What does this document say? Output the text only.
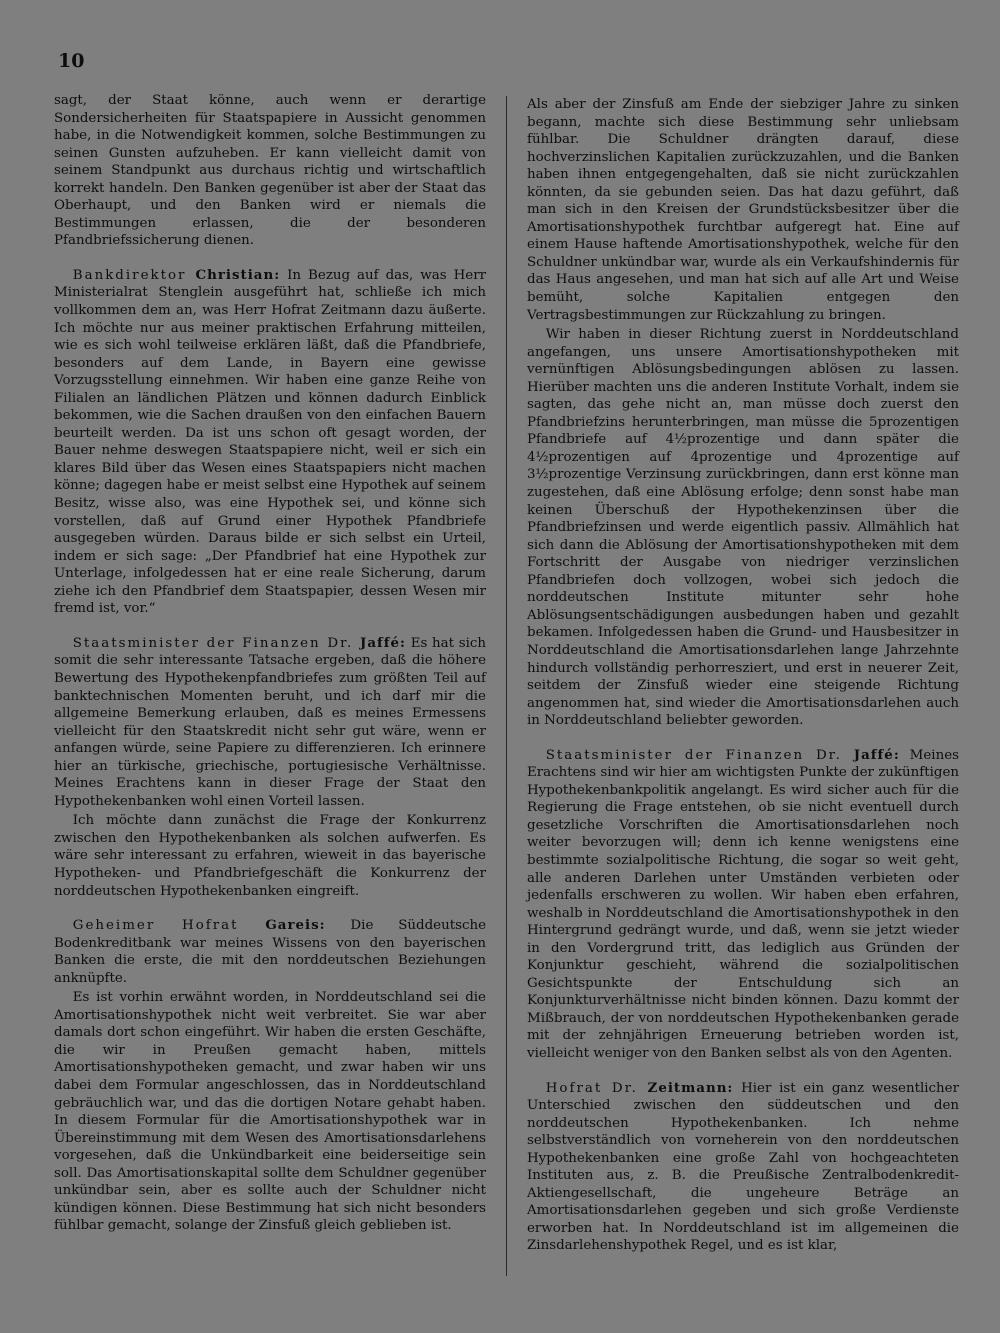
10

sagt, der Staat könne, auch wenn er derartige Sondersicherheiten für Staatspapiere in Aussicht genommen habe, in die Notwendigkeit kommen, solche Bestimmungen zu seinen Gunsten aufzuheben. Er kann vielleicht damit von seinem Standpunkt aus durchaus richtig und wirtschaftlich korrekt handeln. Den Banken gegenüber ist aber der Staat das Oberhaupt, und den Banken wird er niemals die Bestimmungen erlassen, die der besonderen Pfandbriefssicherung dienen.

Bankdirektor Christian: In Bezug auf das, was Herr Ministerialrat Stenglein ausgeführt hat, schließe ich mich vollkommen dem an, was Herr Hofrat Zeitmann dazu äußerte. Ich möchte nur aus meiner praktischen Erfahrung mitteilen, wie es sich wohl teilweise erklären läßt, daß die Pfandbriefe, besonders auf dem Lande, in Bayern eine gewisse Vorzugsstellung einnehmen. Wir haben eine ganze Reihe von Filialen an ländlichen Plätzen und können dadurch Einblick bekommen, wie die Sachen draußen von den einfachen Bauern beurteilt werden. Da ist uns schon oft gesagt worden, der Bauer nehme deswegen Staatspapiere nicht, weil er sich ein klares Bild über das Wesen eines Staatspapiers nicht machen könne; dagegen habe er meist selbst eine Hypothek auf seinem Besitz, wisse also, was eine Hypothek sei, und könne sich vorstellen, daß auf Grund einer Hypothek Pfandbriefe ausgegeben würden. Daraus bilde er sich selbst ein Urteil, indem er sich sage: „Der Pfandbrief hat eine Hypothek zur Unterlage, infolgedessen hat er eine reale Sicherung, darum ziehe ich den Pfandbrief dem Staatspapier, dessen Wesen mir fremd ist, vor.“

Staatsminister der Finanzen Dr. Jaffé: Es hat sich somit die sehr interessante Tatsache ergeben, daß die höhere Bewertung des Hypothekenpfandbriefes zum größten Teil auf banktechnischen Momenten beruht, und ich darf mir die allgemeine Bemerkung erlauben, daß es meines Ermessens vielleicht für den Staatskredit nicht sehr gut wäre, wenn er anfangen würde, seine Papiere zu differenzieren. Ich erinnere hier an türkische, griechische, portugiesische Verhältnisse. Meines Erachtens kann in dieser Frage der Staat den Hypothekenbanken wohl einen Vorteil lassen.

Ich möchte dann zunächst die Frage der Konkurrenz zwischen den Hypothekenbanken als solchen aufwerfen. Es wäre sehr interessant zu erfahren, wieweit in das bayerische Hypotheken- und Pfandbriefgeschäft die Konkurrenz der norddeutschen Hypothekenbanken eingreift.

Geheimer Hofrat Gareis: Die Süddeutsche Bodenkreditbank war meines Wissens von den bayerischen Banken die erste, die mit den norddeutschen Beziehungen anknüpfte.

Es ist vorhin erwähnt worden, in Norddeutschland sei die Amortisationshypothek nicht weit verbreitet. Sie war aber damals dort schon eingeführt. Wir haben die ersten Geschäfte, die wir in Preußen gemacht haben, mittels Amortisationshypotheken gemacht, und zwar haben wir uns dabei dem Formular angeschlossen, das in Norddeutschland gebräuchlich war, und das die dortigen Notare gehabt haben. In diesem Formular für die Amortisationshypothek war in Übereinstimmung mit dem Wesen des Amortisationsdarlehens vorgesehen, daß die Unkündbarkeit eine beiderseitige sein soll. Das Amortisationskapital sollte dem Schuldner gegenüber unkündbar sein, aber es sollte auch der Schuldner nicht kündigen können. Diese Bestimmung hat sich nicht besonders fühlbar gemacht, solange der Zinsfuß gleich geblieben ist.

Als aber der Zinsfuß am Ende der siebziger Jahre zu sinken begann, machte sich diese Bestimmung sehr unliebsam fühlbar. Die Schuldner drängten darauf, diese hochverzinslichen Kapitalien zurückzuzahlen, und die Banken haben ihnen entgegengehalten, daß sie nicht zurückzahlen könnten, da sie gebunden seien. Das hat dazu geführt, daß man sich in den Kreisen der Grundstücksbesitzer über die Amortisationshypothek furchtbar aufgeregt hat. Eine auf einem Hause haftende Amortisationshypothek, welche für den Schuldner unkündbar war, wurde als ein Verkaufshindernis für das Haus angesehen, und man hat sich auf alle Art und Weise bemüht, solche Kapitalien entgegen den Vertragsbestimmungen zur Rückzahlung zu bringen.

Wir haben in dieser Richtung zuerst in Norddeutschland angefangen, uns unsere Amortisationshypotheken mit vernünftigen Ablösungsbedingungen ablösen zu lassen. Hierüber machten uns die anderen Institute Vorhalt, indem sie sagten, das gehe nicht an, man müsse doch zuerst den Pfandbriefzins herunterbringen, man müsse die 5prozentigen Pfandbriefe auf 4½prozentige und dann später die 4½prozentigen auf 4prozentige und 4prozentige auf 3½prozentige Verzinsung zurückbringen, dann erst könne man zugestehen, daß eine Ablösung erfolge; denn sonst habe man keinen Überschuß der Hypothekenzinsen über die Pfandbriefzinsen und werde eigentlich passiv. Allmählich hat sich dann die Ablösung der Amortisationshypotheken mit dem Fortschritt der Ausgabe von niedriger verzinslichen Pfandbriefen doch vollzogen, wobei sich jedoch die norddeutschen Institute mitunter sehr hohe Ablösungsentschädigungen ausbedungen haben und gezahlt bekamen. Infolgedessen haben die Grund- und Hausbesitzer in Norddeutschland die Amortisationsdarlehen lange Jahrzehnte hindurch vollständig perhorresziert, und erst in neuerer Zeit, seitdem der Zinsfuß wieder eine steigende Richtung angenommen hat, sind wieder die Amortisationsdarlehen auch in Norddeutschland beliebter geworden.

Staatsminister der Finanzen Dr. Jaffé: Meines Erachtens sind wir hier am wichtigsten Punkte der zukünftigen Hypothekenbankpolitik angelangt. Es wird sicher auch für die Regierung die Frage entstehen, ob sie nicht eventuell durch gesetzliche Vorschriften die Amortisationsdarlehen noch weiter bevorzugen will; denn ich kenne wenigstens eine bestimmte sozialpolitische Richtung, die sogar so weit geht, alle anderen Darlehen unter Umständen verbieten oder jedenfalls erschweren zu wollen. Wir haben eben erfahren, weshalb in Norddeutschland die Amortisationshypothek in den Hintergrund gedrängt wurde, und daß, wenn sie jetzt wieder in den Vordergrund tritt, das lediglich aus Gründen der Konjunktur geschieht, während die sozialpolitischen Gesichtspunkte der Entschuldung sich an Konjunkturverhältnisse nicht binden können. Dazu kommt der Mißbrauch, der von norddeutschen Hypothekenbanken gerade mit der zehnjährigen Erneuerung betrieben worden ist, vielleicht weniger von den Banken selbst als von den Agenten.

Hofrat Dr. Zeitmann: Hier ist ein ganz wesentlicher Unterschied zwischen den süddeutschen und den norddeutschen Hypothekenbanken. Ich nehme selbstverständlich von vorneherein von den norddeutschen Hypothekenbanken eine große Zahl von hochgeachteten Instituten aus, z. B. die Preußische Zentralbodenkredit-Aktiengesellschaft, die ungeheure Beträge an Amortisationsdarlehen gegeben und sich große Verdienste erworben hat. In Norddeutschland ist im allgemeinen die Zinsdarlehenshypothek Regel, und es ist klar,
